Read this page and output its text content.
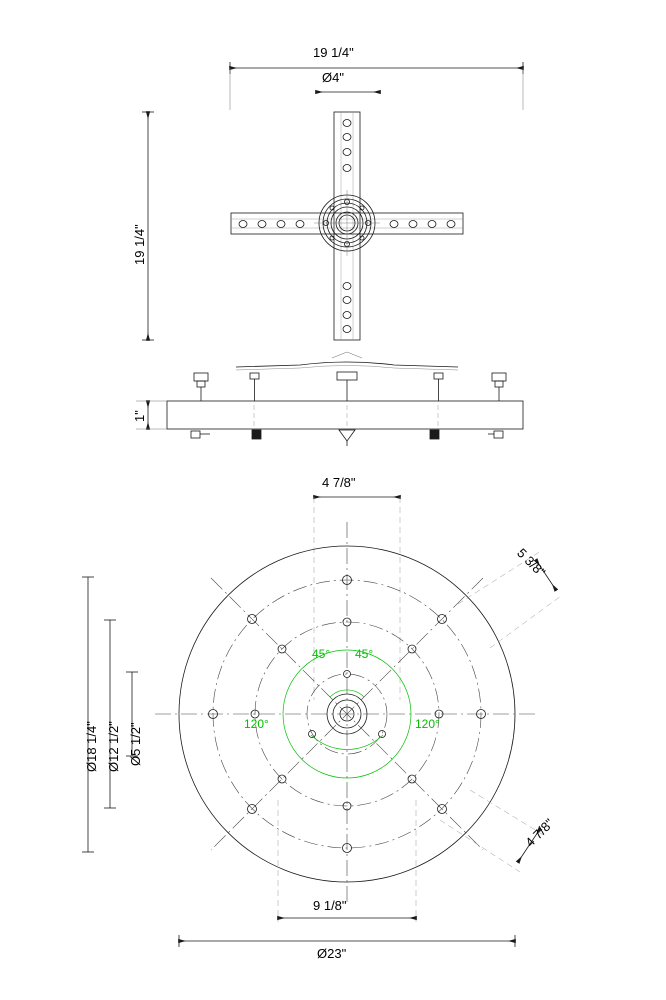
19 1/4"
Ø4"
19 1/4"
1"
4 7/8"
5 3/8"
4 7/8"
Ø18 1/4" Ø12 1/2" Ø5 1/2"
9 1/8"
Ø23"
45° 45°
120°	120°
